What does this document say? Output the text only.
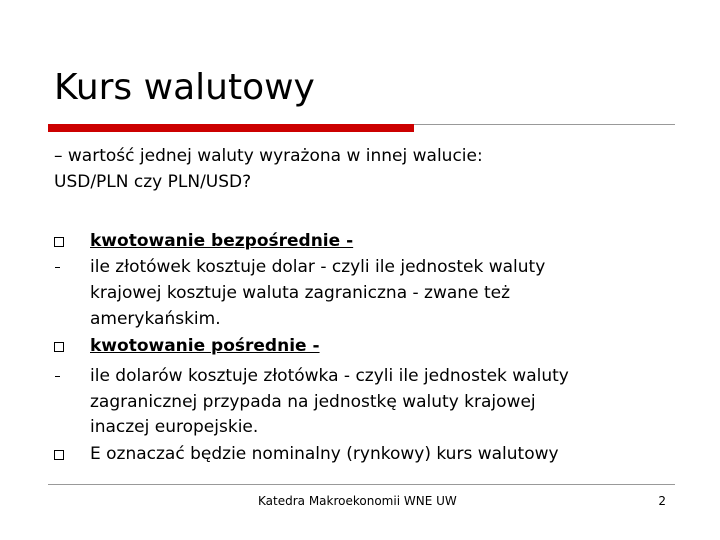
Kurs walutowy
– wartość jednej waluty wyrażona w innej walucie:
USD/PLN czy PLN/USD?
kwotowanie bezpośrednie -
ile złotówek kosztuje dolar - czyli ile jednostek waluty
krajowej kosztuje waluta zagraniczna - zwane też
amerykańskim.
kwotowanie pośrednie -
ile dolarów kosztuje złotówka - czyli ile jednostek waluty
zagranicznej przypada na jednostkę waluty krajowej
inaczej europejskie.
E oznaczać będzie nominalny (rynkowy) kurs walutowy
Katedra Makroekonomii WNE UW	2
